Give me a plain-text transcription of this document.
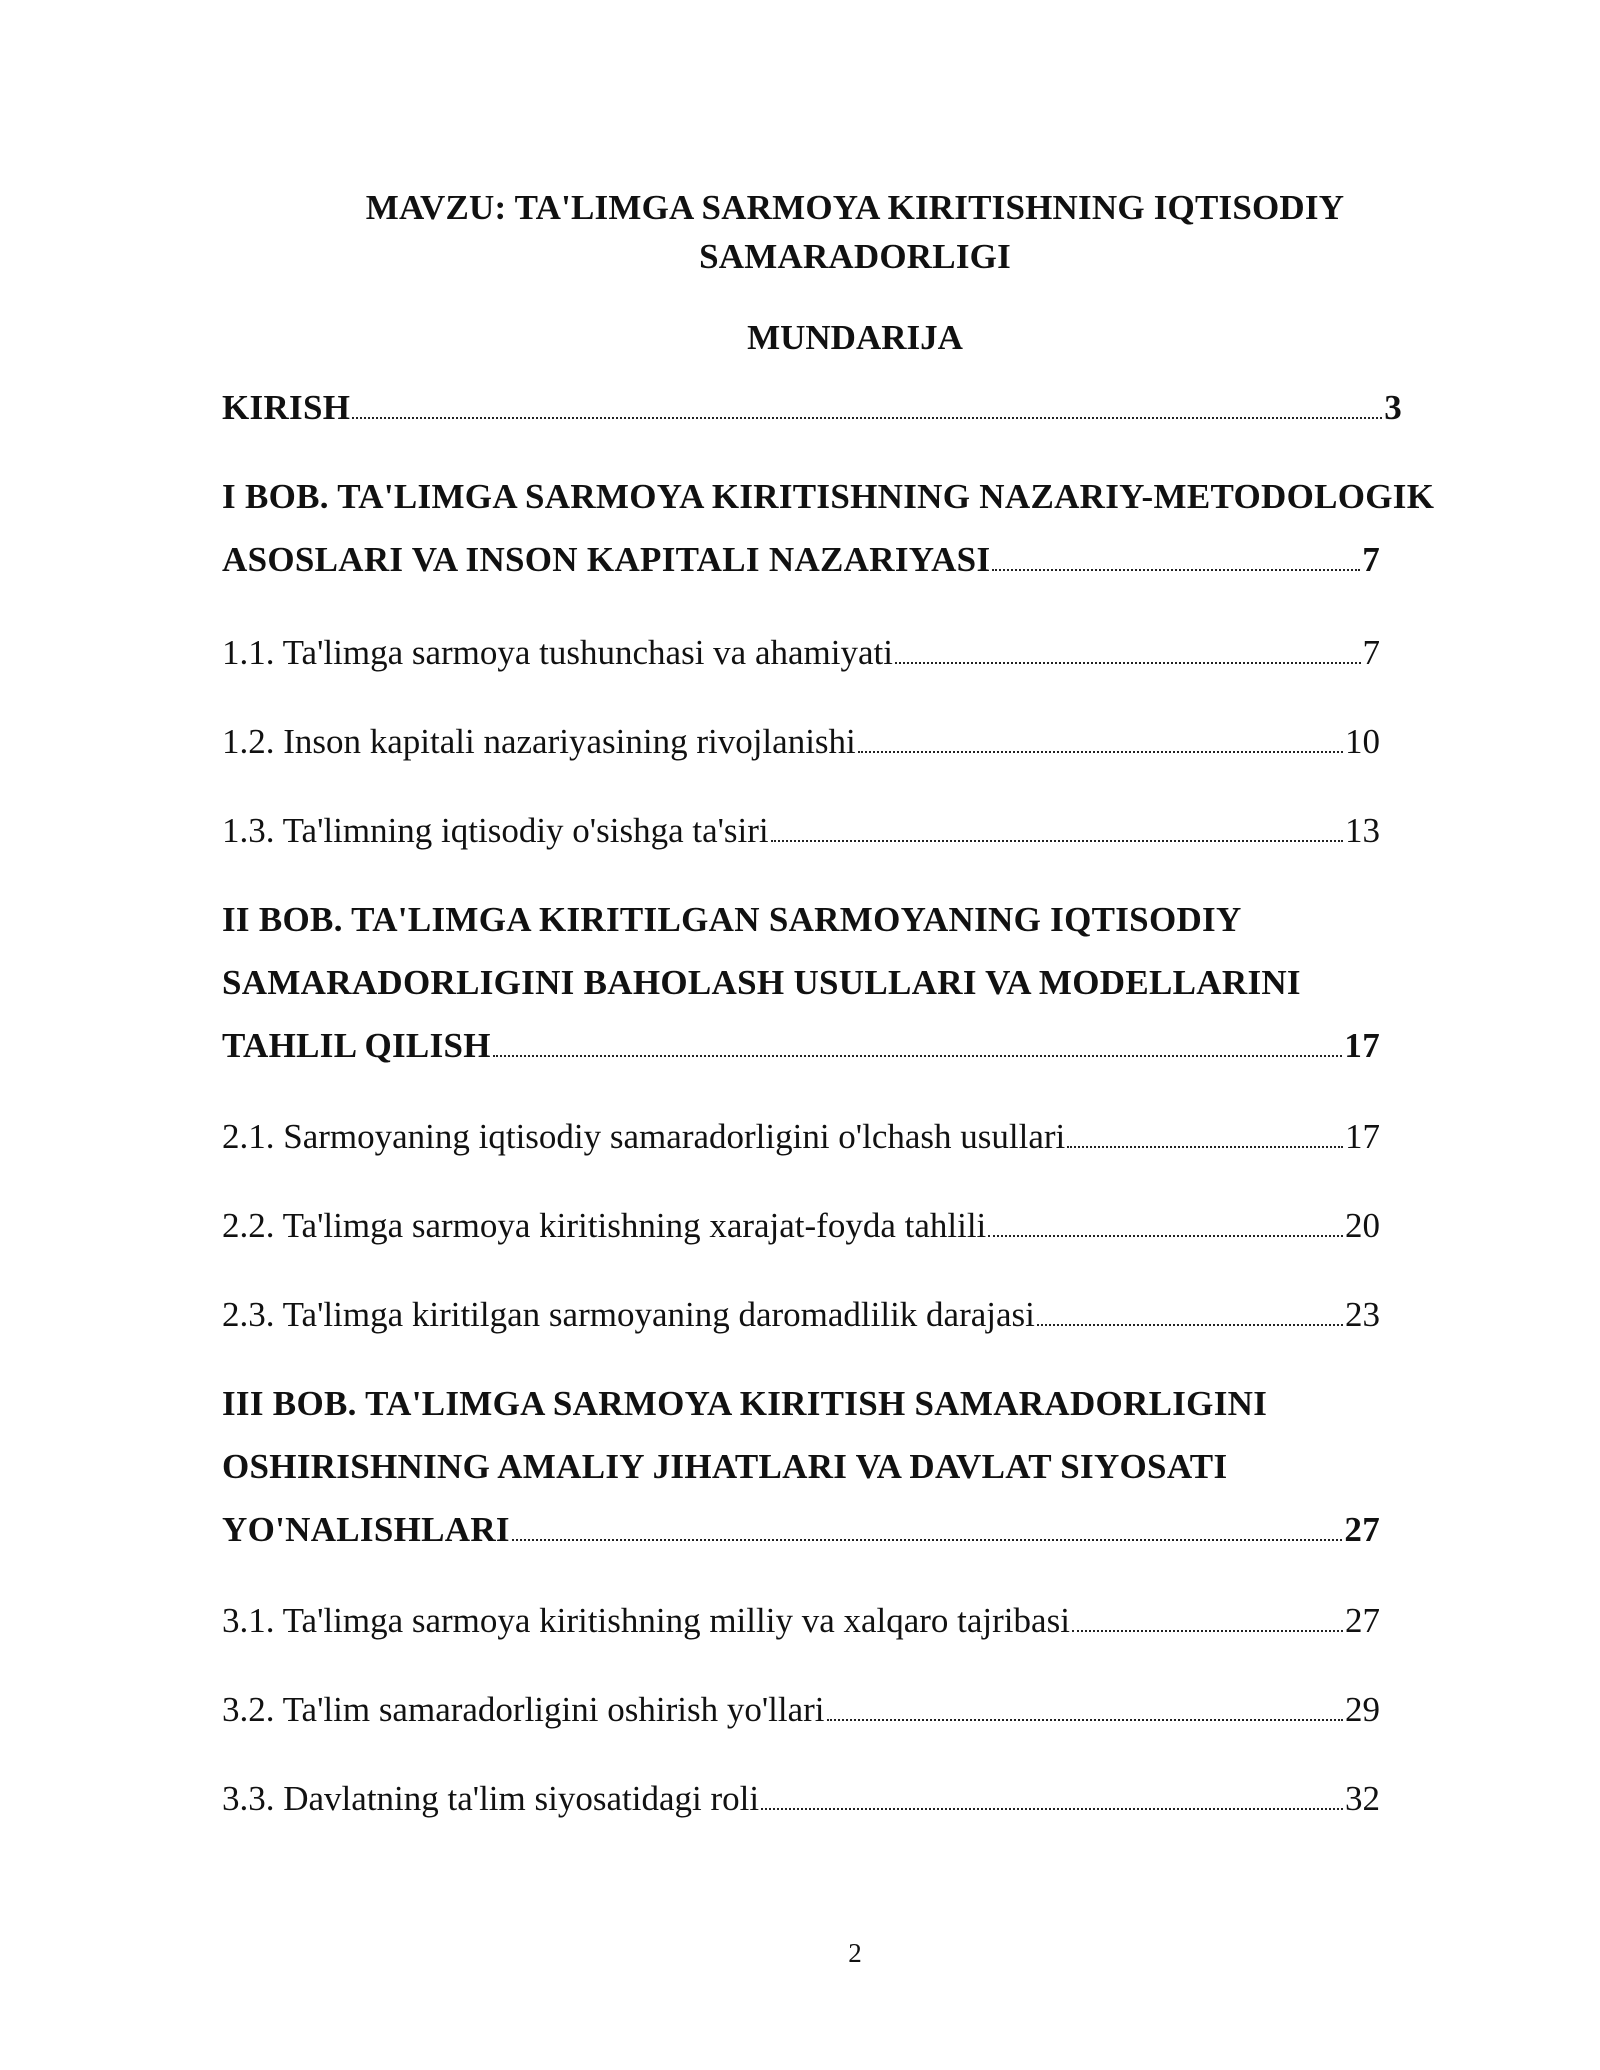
MAVZU: TA'LIMGA SARMOYA KIRITISHNING IQTISODIY
SAMARADORLIGI
MUNDARIJA
KIRISH	3
I BOB. TA'LIMGA SARMOYA KIRITISHNING NAZARIY-METODOLOGIK
ASOSLARI VA INSON KAPITALI NAZARIYASI	7
1.1. Ta'limga sarmoya tushunchasi va ahamiyati	7
1.2. Inson kapitali nazariyasining rivojlanishi	10
1.3. Ta'limning iqtisodiy o'sishga ta'siri	13
II BOB. TA'LIMGA KIRITILGAN SARMOYANING IQTISODIY
SAMARADORLIGINI BAHOLASH USULLARI VA MODELLARINI
TAHLIL QILISH	17
2.1. Sarmoyaning iqtisodiy samaradorligini o'lchash usullari	17
2.2. Ta'limga sarmoya kiritishning xarajat-foyda tahlili	20
2.3. Ta'limga kiritilgan sarmoyaning daromadlilik darajasi	23
III BOB. TA'LIMGA SARMOYA KIRITISH SAMARADORLIGINI
OSHIRISHNING AMALIY JIHATLARI VA DAVLAT SIYOSATI
YO'NALISHLARI	27
3.1. Ta'limga sarmoya kiritishning milliy va xalqaro tajribasi	27
3.2. Ta'lim samaradorligini oshirish yo'llari	29
3.3. Davlatning ta'lim siyosatidagi roli	32
2
